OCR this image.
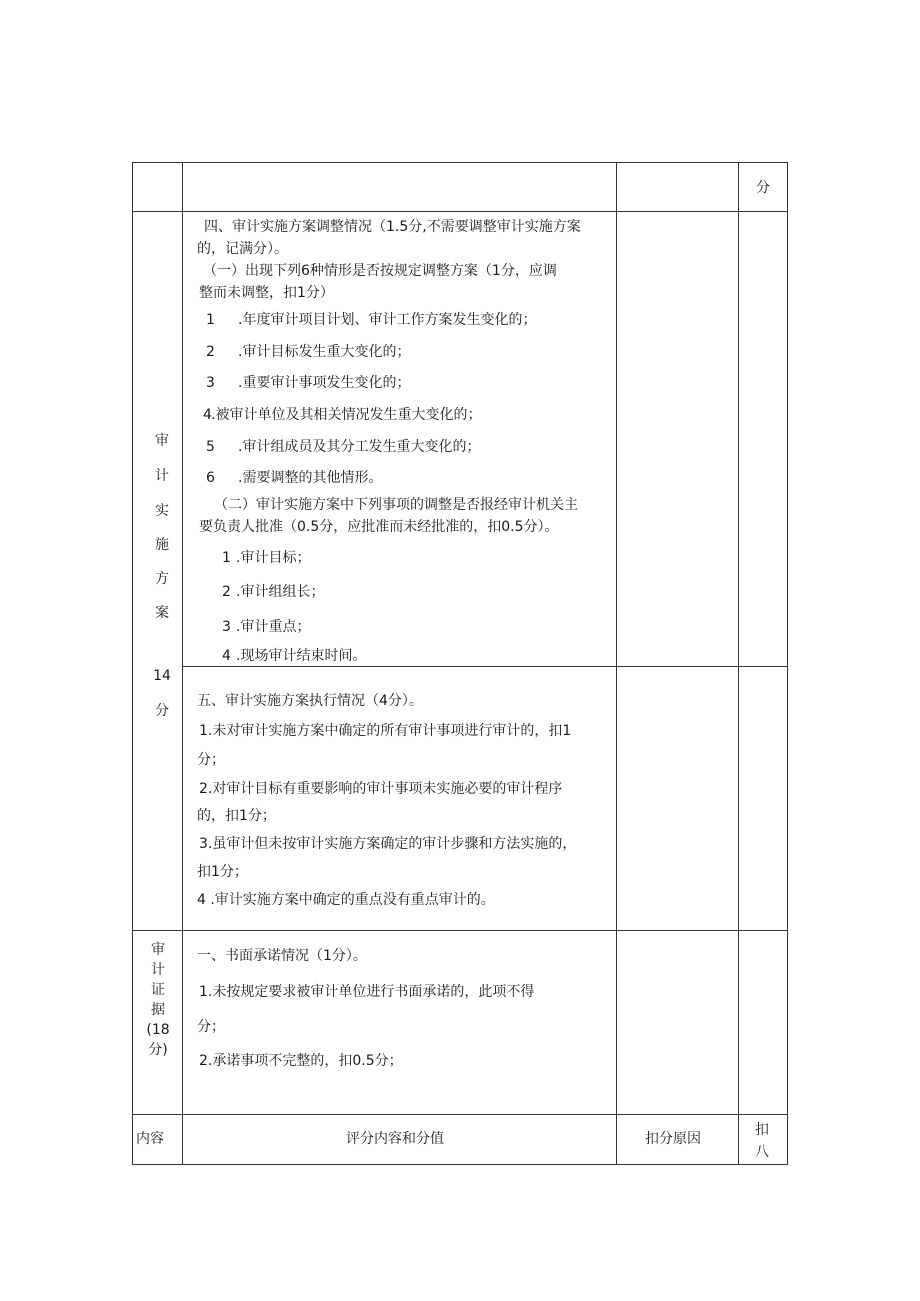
分
审
计
实
施
方
案
14
分
四、审计实施方案调整情况（1.5分,不需要调整审计实施方案
的，记满分）。
（一）出现下列6种情形是否按规定调整方案（1分，应调
整而未调整，扣1分）
1 .年度审计项目计划、审计工作方案发生变化的；
2 .审计目标发生重大变化的；
3 .重要审计事项发生变化的；
4 .被审计单位及其相关情况发生重大变化的；
5 .审计组成员及其分工发生重大变化的；
6 .需要调整的其他情形。
（二）审计实施方案中下列事项的调整是否报经审计机关主
要负责人批准（0.5分，应批准而未经批准的，扣0.5分）。
1 .审计目标；
2 .审计组组长；
3 .审计重点；
4 .现场审计结束时间。
五、审计实施方案执行情况（4分）。
1.未对审计实施方案中确定的所有审计事项进行审计的，扣1
分；
2.对审计目标有重要影响的审计事项未实施必要的审计程序
的，扣1分；
3.虽审计但未按审计实施方案确定的审计步骤和方法实施的，
扣1分；
4 .审计实施方案中确定的重点没有重点审计的。
审
计
证
据
(18
分)
一、书面承诺情况（1分）。
1.未按规定要求被审计单位进行书面承诺的，此项不得
分；
2.承诺事项不完整的，扣0.5分；
内容	评分内容和分值	扣分原因
扣
八
